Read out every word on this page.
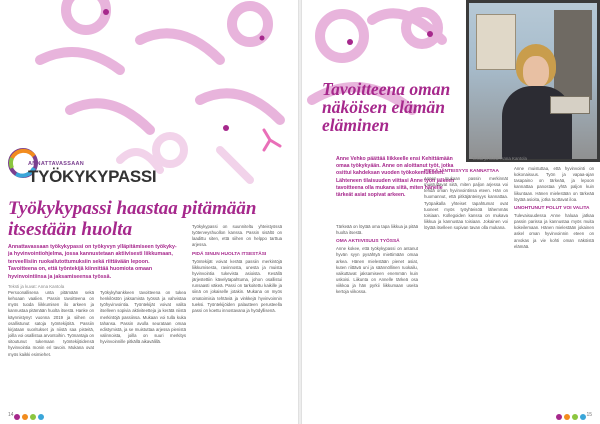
ANNATTAVASSAAN
TYÖKYKYPASSI
Työkykypassi haastaa pitämään itsestään huolta
Annattavassaan työkykypassi on työkyvyn ylläpitämiseen työkyky- ja hyvinvointiohjelma, jossa kannustetaan aktiivisesti liikkumaan, terveellisiin ruokailutottumuksiin sekä riittävään lepoon. Tavoitteena on, että työntekijä kiinnittää huomiota omaan hyvinvointiinsa ja jaksamiseensa työssä.
Teksti ja kuvat: Anna Kantola

Persoonallisena unta pitämään sekä kehoaan vaalien. Passin tavoitteena on myös tuoda liikkumisen ilo arkeen ja kannustaa pitämään huolta itsestä. Hanke on käynnistynyt vuonna 2019 ja siihen on osallistunut satoja työntekijöitä. Passiin kirjataan suoritukset ja niistä saa pisteitä, joilla voi osallistua arvontoihin. Työnantaja on sitoutunut tukemaan työntekijöidensä hyvinvointia monin eri tavoin. Mukana ovat myös kaikki esimiehet.

Työkykyhankkeen tavoitteena on tukea henkilöstön jaksamista työssä ja vahvistaa työhyvinvointia. Työntekijät voivat valita itselleen sopivia aktiviteetteja ja kerätä niistä merkintöjä passiinsa. Mukaan voi tulla kuka tahansa. Passin avulla seurataan omaa edistymistä, ja se muistuttaa arjessa pienistä valinnoista, joilla on suuri merkitys hyvinvoinnille pitkällä aikavälillä.

Työkykypassi on suunniteltu yhteistyössä työterveyshuollon kanssa. Passin sisältö on laadittu siten, että siihen on helppo tarttua arjessa.

PIDÄ SINUN HUOLTA ITSESTÄSI

Työntekijät voivat kerätä passiin merkintöjä liikkumisesta, ravinnosta, unesta ja muista hyvinvointia tukevista asioista. Kesällä järjestettiin kävelytapahtuma, johon osallistui runsaasti väkeä. Passi on tarkoitettu kaikille ja siinä on jokaiselle jotakin. Mukana on myös omatoimisia tehtäviä ja vinkkejä hyvinvoinnin tueksi. Työntekijöiden palautteen perusteella passi on koettu innostavana ja hyödyllisenä.

14
Tavoitteena oman näköisen elämän eläminen
Anne Vehko päättää liikkeelle ensi Kehittämään omaa työkykyään. Anne on aloittanut työt, jotka osittui kahdeksan vuoden työkokemukseen. Lähteneen tilaisuuden viittasi Anne työn jälkeen tavoitteena olla mukana siitä, miten hänelle tärkeät asiat sopivat arkeen.
Teksti ja kuva: Anna Kantola

Tärkeää on löytää oma tapa liikkua ja pitää huolta itsestä.

OMA AKTIIVISUUS TYÖSSÄ

Anne kokee, että työkykypassi on antanut hyvän syyn pysähtyä miettimään omaa arkea. Hänen mielestään pienet asiat, kuten riittävä uni ja säännöllinen ruokailu, vaikuttavat jaksamiseen enemmän kuin uskoisi. Liikunta on Annelle tärkeä osa viikkoa ja hän pyrkii liikkumaan useita kertoja viikossa.

PITKÄJÄNTEISYYS KANNATTAA

Annen mukaan passin merkinnät muistuttavat siitä, miten paljon arjessa voi tehdä oman hyvinvointinsa eteen. Hän on huomannut, että pitkäjänteisyys kannattaa. Työpaikalla yhteiset tapahtumat ovat tuoneet myös työyhteisöä lähemmäs toisiaan. Kollegoiden kanssa on mukava liikkua ja kannustaa toisiaan. Jokainen voi löytää itselleen sopivan tavan olla mukana.

Anne muistuttaa, että hyvinvointi on kokonaisuus. Työn ja vapaa-ajan tasapaino on tärkeää, ja lepoon kannattaa panostaa yhtä paljon kuin liikuntaan. Hänen mielestään on tärkeää löytää asioita, jotka tuottavat iloa.

UNOHTUNUT POLUT VOI VALITA

Tulevaisuudessa Anne haluaa jatkaa passin parissa ja kannustaa myös muita kokeilemaan. Hänen mielestään jokainen askel oman hyvinvoinnin eteen on arvokas ja vie kohti oman näköistä elämää.

15
